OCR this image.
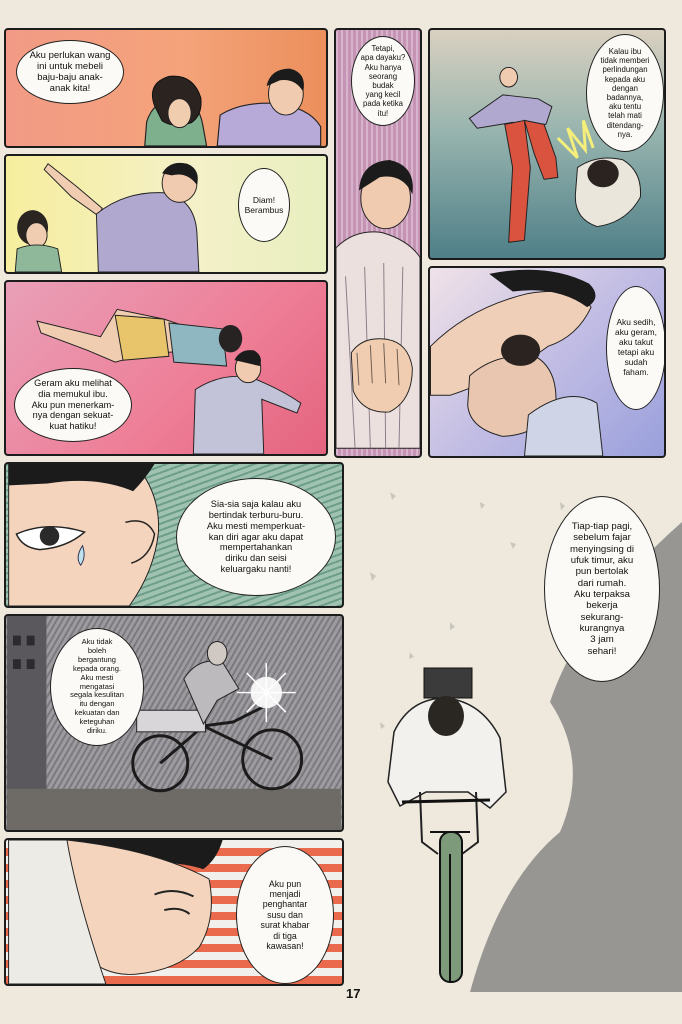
Aku perlukan wang
ini untuk mebeli
baju-baju anak-
anak kita!
Diam!
Berambus
Geram aku melihat
dia memukul ibu.
Aku pun menerkam-
nya dengan sekuat-
kuat hatiku!
Tetapi,
apa dayaku?
Aku hanya
seorang
budak
yang kecil
pada ketika
itu!
Kalau ibu
tidak memberi
perlindungan
kepada aku
dengan
badannya,
aku tentu
telah mati
ditendang-
nya.
Aku sedih,
aku geram,
aku takut
tetapi aku
sudah
faham.
Sia-sia saja kalau aku
bertindak terburu-buru.
Aku mesti memperkuat-
kan diri agar aku dapat
mempertahankan
diriku dan seisi
keluargaku nanti!
Aku tidak
boleh
bergantung
kepada orang.
Aku mesti
mengatasi
segala kesulitan
itu dengan
kekuatan dan
keteguhan
diriku.
Aku pun
menjadi
penghantar
susu dan
surat khabar
di tiga
kawasan!
Tiap-tiap pagi,
sebelum fajar
menyingsing di
ufuk timur, aku
pun bertolak
dari rumah.
Aku terpaksa
bekerja
sekurang-
kurangnya
3 jam
sehari!
17
